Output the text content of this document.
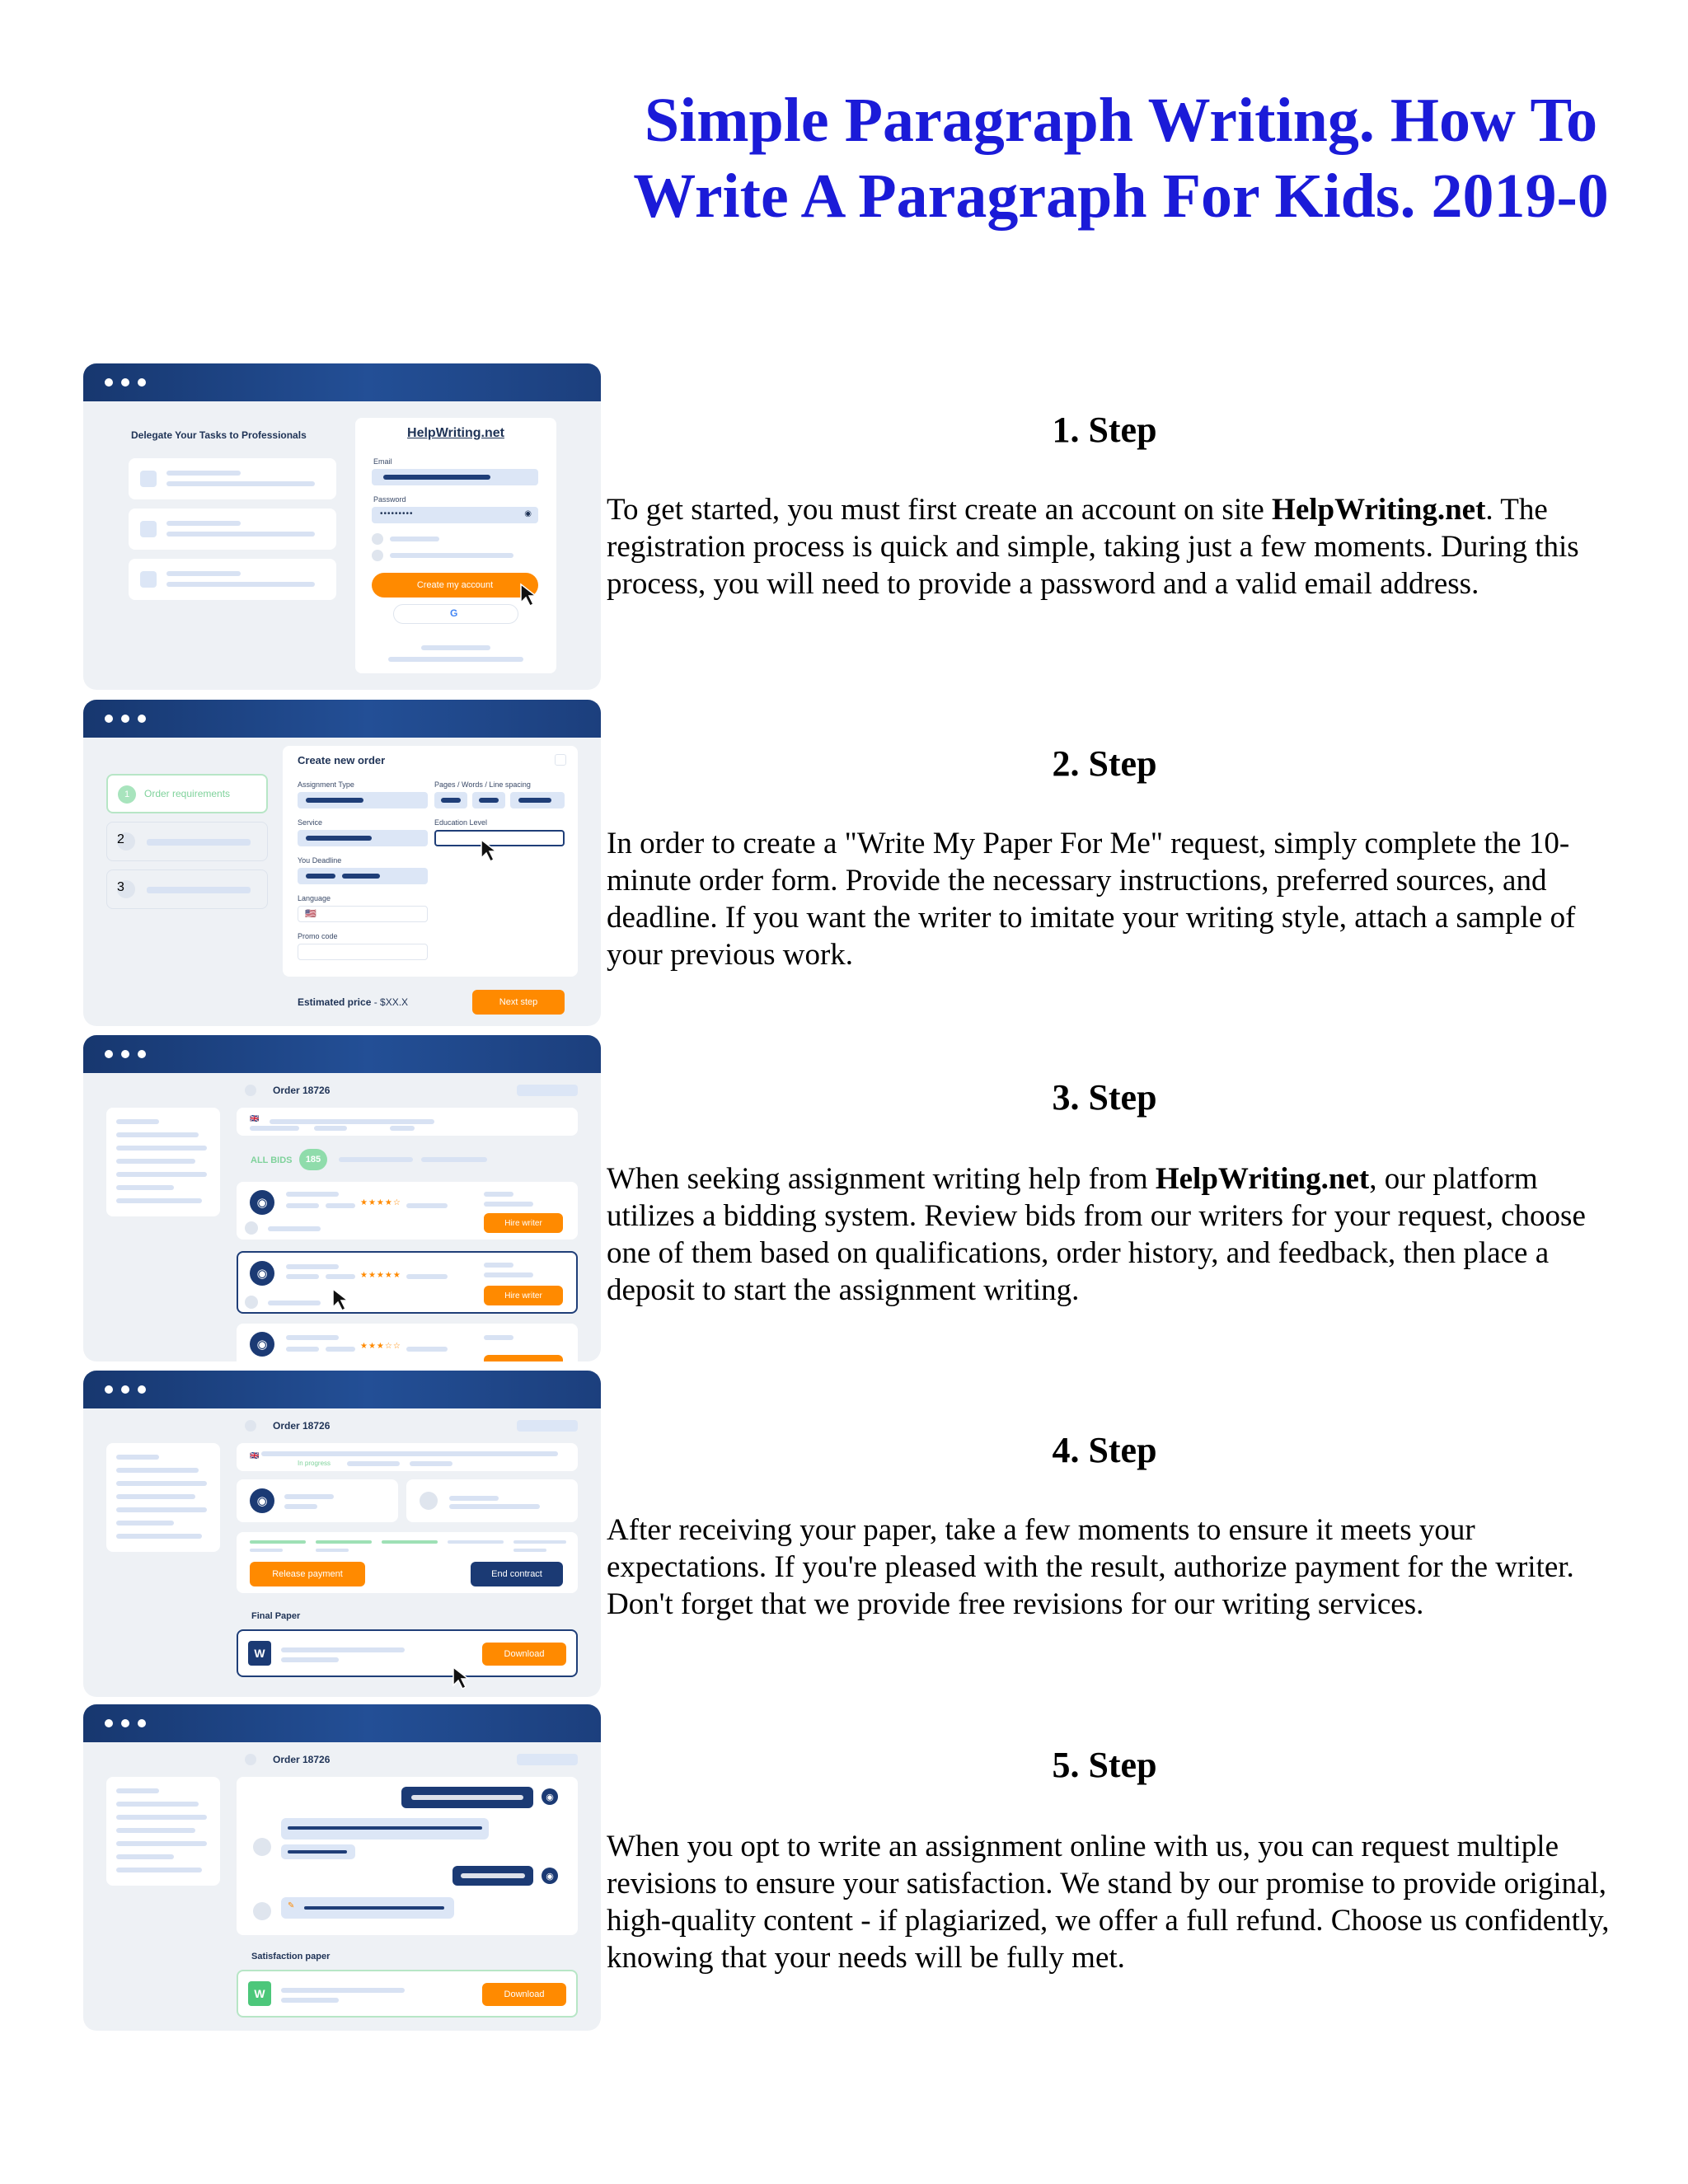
Simple Paragraph Writing. How To Write A Paragraph For Kids. 2019-0
1. Step

To get started, you must first create an account on site HelpWriting.net. The registration process is quick and simple, taking just a few moments. During this process, you will need to provide a password and a valid email address.

2. Step

In order to create a "Write My Paper For Me" request, simply complete the 10-minute order form. Provide the necessary instructions, preferred sources, and deadline. If you want the writer to imitate your writing style, attach a sample of your previous work.

3. Step

When seeking assignment writing help from HelpWriting.net, our platform utilizes a bidding system. Review bids from our writers for your request, choose one of them based on qualifications, order history, and feedback, then place a deposit to start the assignment writing.

4. Step

After receiving your paper, take a few moments to ensure it meets your expectations. If you're pleased with the result, authorize payment for the writer. Don't forget that we provide free revisions for our writing services.

5. Step

When you opt to write an assignment online with us, you can request multiple revisions to ensure your satisfaction. We stand by our promise to provide original, high-quality content - if plagiarized, we offer a full refund. Choose us confidently, knowing that your needs will be fully met.

Delegate Your Tasks to Professionals	HelpWriting.net
Email
Password
•••••••••	◉
Create my account
G
1	Order requirements
2
3
Create new order
Assignment Type	Pages / Words / Line spacing
Service	Education Level
You Deadline
Language
🇺🇸
Promo code
Estimated price - $XX.X	Next step
Order 18726
🇬🇧
ALL BIDS	185
◉	★★★★☆
Hire writer
◉	★★★★★
Hire writer
◉	★★★☆☆
Order 18726
🇬🇧
In progress
◉
Release payment	End contract
Final Paper
W	Download
Order 18726
◉
◉
✎
Satisfaction paper
W	Download
